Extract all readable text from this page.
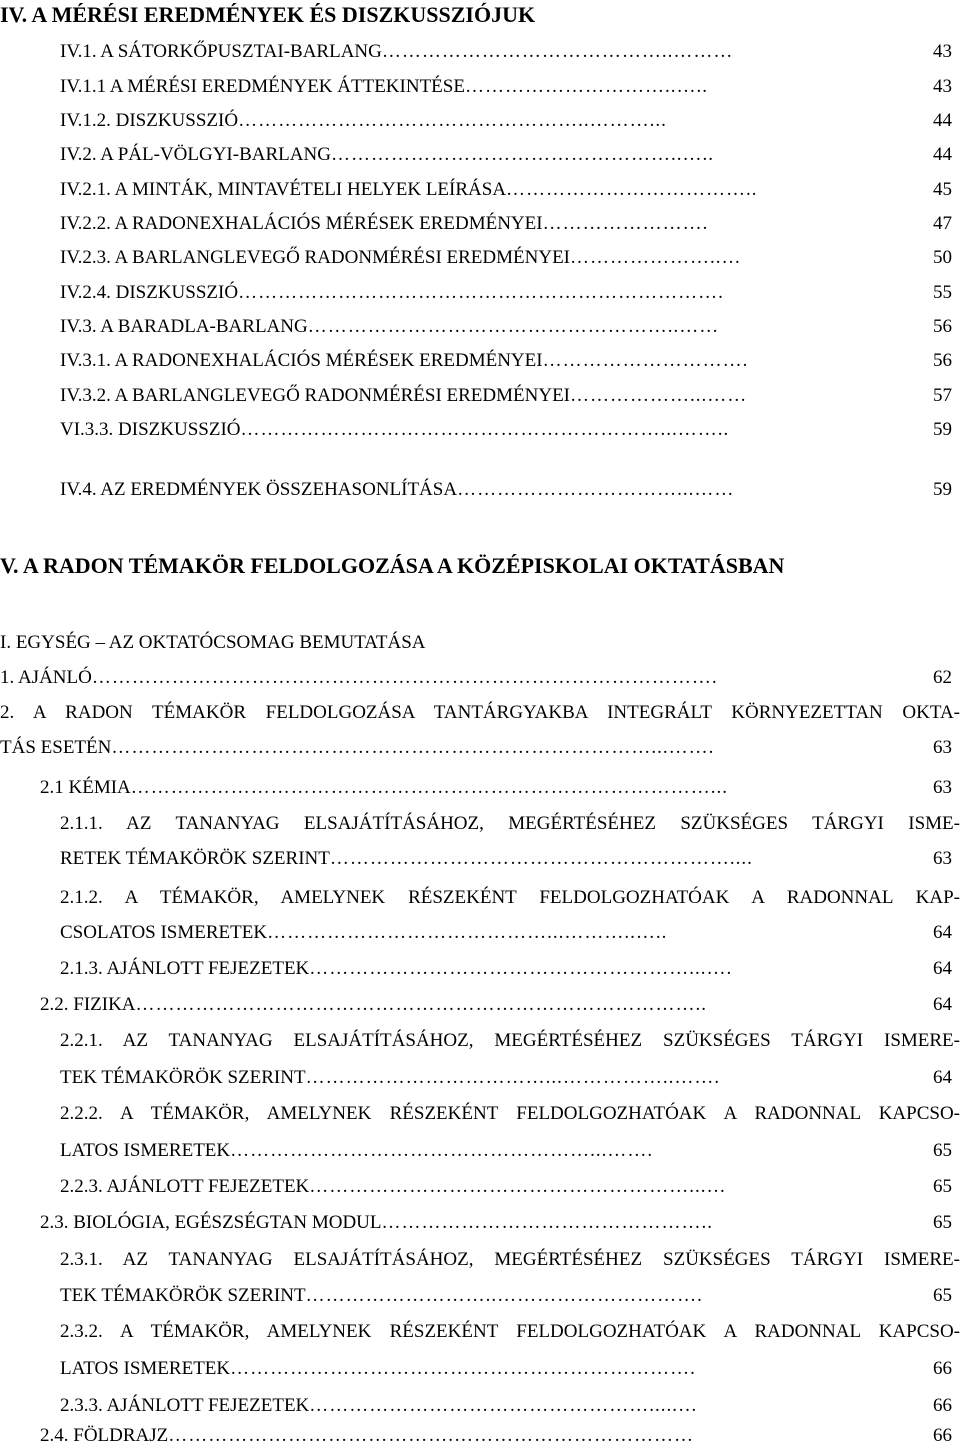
IV. A MÉRÉSI EREDMÉNYEK ÉS DISZKUSSZIÓJUK
IV.1. A SÁTORKŐPUSZTAI-BARLANG ……………………………………..………	43
IV.1.1 A MÉRÉSI EREDMÉNYEK ÁTTEKINTÉSE …………………………..…..	43
IV.1.2. DISZKUSSZIÓ ……………………………………………..………...	44
IV.2. A PÁL-VÖLGYI-BARLANG ……………………………………………..…..	44
IV.2.1. A MINTÁK, MINTAVÉTELI HELYEK LEÍRÁSA ………………………………..	45
IV.2.2. A RADONEXHALÁCIÓS MÉRÉSEK EREDMÉNYEI …………………….	47
IV.2.3. A BARLANGLEVEGŐ RADONMÉRÉSI EREDMÉNYEI …………………..…	50
IV.2.4. DISZKUSSZIÓ ……………………………………………………………….	55
IV.3. A BARADLA-BARLANG ………………………………………………..……	56
IV.3.1. A RADONEXHALÁCIÓS MÉRÉSEK EREDMÉNYEI ………………………….	56
IV.3.2. A BARLANGLEVEGŐ RADONMÉRÉSI EREDMÉNYEI ………………...……	57
VI.3.3. DISZKUSSZIÓ ………………………………………………………...……..	59
IV.4. AZ EREDMÉNYEK ÖSSZEHASONLÍTÁSA ……………………………...……	59
V. A RADON TÉMAKÖR FELDOLGOZÁSA A KÖZÉPISKOLAI OKTATÁSBAN
I. EGYSÉG – AZ OKTATÓCSOMAG BEMUTATÁSA
1. AJÁNLÓ ………………………………………………………………………………….	62
2. A RADON TÉMAKÖR FELDOLGOZÁSA TANTÁRGYAKBA INTEGRÁLT KÖRNYEZETTAN OKTA-
TÁS ESETÉN ………………………………………………………………………...…….	63
2.1 KÉMIA ……………………………………………………………………………...	63
2.1.1. AZ TANANYAG ELSAJÁTÍTÁSÁHOZ, MEGÉRTÉSÉHEZ SZÜKSÉGES TÁRGYI ISME-
RETEK TÉMAKÖRÖK SZERINT ……………………………………………………....	63
2.1.2. A TÉMAKÖR, AMELYNEK RÉSZEKÉNT FELDOLGOZHATÓAK A RADONNAL KAP-
CSOLATOS ISMERETEK ……………………………………...………..…..	64
2.1.3. AJÁNLOTT FEJEZETEK …………………………………………………...….	64
2.2. FIZIKA …………………………………………………………………………..	64
2.2.1. AZ TANANYAG ELSAJÁTÍTÁSÁHOZ, MEGÉRTÉSÉHEZ SZÜKSÉGES TÁRGYI ISMERE-
TEK TÉMAKÖRÖK SZERINT ………………………………...……………..…….	64
2.2.2. A TÉMAKÖR, AMELYNEK RÉSZEKÉNT FELDOLGOZHATÓAK A RADONNAL KAPCSO-
LATOS ISMERETEK ………………………………………………...…….	65
2.2.3. AJÁNLOTT FEJEZETEK …………………………………………………...…	65
2.3. BIOLÓGIA, EGÉSZSÉGTAN MODUL …………………………………………..	65
2.3.1. AZ TANANYAG ELSAJÁTÍTÁSÁHOZ, MEGÉRTÉSÉHEZ SZÜKSÉGES TÁRGYI ISMERE-
TEK TÉMAKÖRÖK SZERINT ………………………..………………………….	65
2.3.2. A TÉMAKÖR, AMELYNEK RÉSZEKÉNT FELDOLGOZHATÓAK A RADONNAL KAPCSO-
LATOS ISMERETEK …………………………………………………………….	66
2.3.3. AJÁNLOTT FEJEZETEK …………………………………………….....…	66
2.4. FÖLDRAJZ …………………………………….………………………………	66
